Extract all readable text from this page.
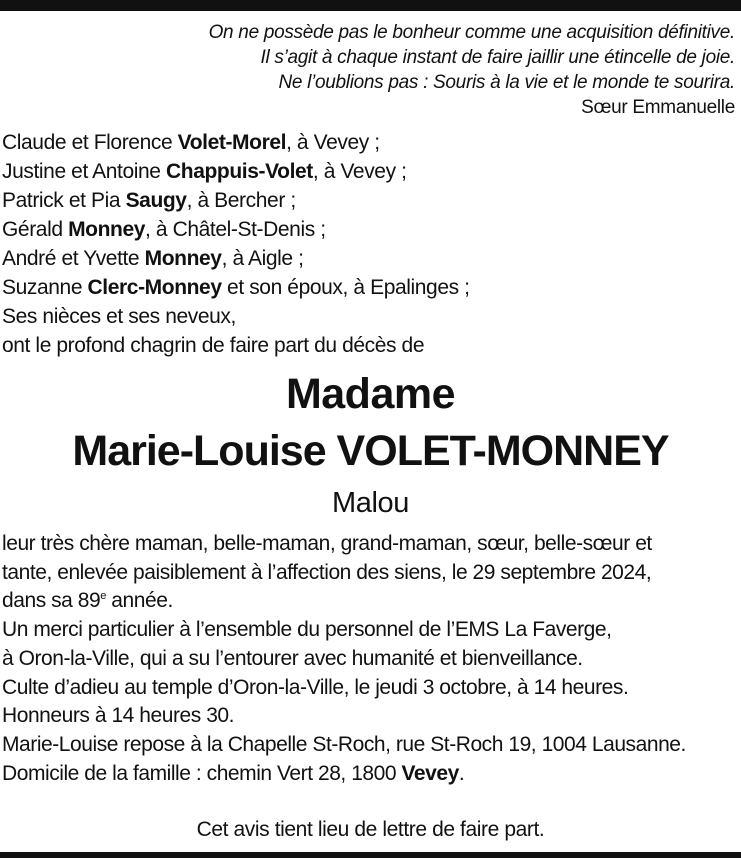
On ne possède pas le bonheur comme une acquisition définitive.
Il s’agit à chaque instant de faire jaillir une étincelle de joie.
Ne l’oublions pas : Souris à la vie et le monde te sourira.
Sœur Emmanuelle
Claude et Florence Volet-Morel, à Vevey ;
Justine et Antoine Chappuis-Volet, à Vevey ;
Patrick et Pia Saugy, à Bercher ;
Gérald Monney, à Châtel-St-Denis ;
André et Yvette Monney, à Aigle ;
Suzanne Clerc-Monney et son époux, à Epalinges ;
Ses nièces et ses neveux,
ont le profond chagrin de faire part du décès de
Madame
Marie-Louise VOLET-MONNEY
Malou
leur très chère maman, belle-maman, grand-maman, sœur, belle-sœur et
tante, enlevée paisiblement à l’affection des siens, le 29 septembre 2024,
dans sa 89e année.
Un merci particulier à l’ensemble du personnel de l’EMS La Faverge,
à Oron-la-Ville, qui a su l’entourer avec humanité et bienveillance.
Culte d’adieu au temple d’Oron-la-Ville, le jeudi 3 octobre, à 14 heures.
Honneurs à 14 heures 30.
Marie-Louise repose à la Chapelle St-Roch, rue St-Roch 19, 1004 Lausanne.
Domicile de la famille : chemin Vert 28, 1800 Vevey.
Cet avis tient lieu de lettre de faire part.
